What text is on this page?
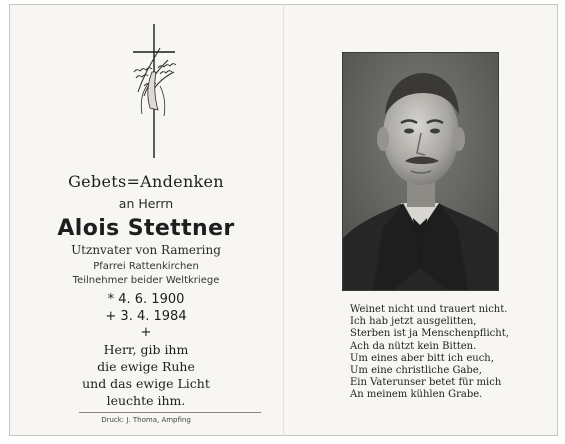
Gebets=Andenken
an Herrn
Alois Stettner
Utznvater von Ramering
Pfarrei Rattenkirchen
Teilnehmer beider Weltkriege
* 4. 6. 1900
+ 3. 4. 1984
+
Herr, gib ihm
die ewige Ruhe
und das ewige Licht
leuchte ihm.
Druck: J. Thoma, Ampfing
Weinet nicht und trauert nicht.
Ich hab jetzt ausgelitten,
Sterben ist ja Menschenpflicht,
Ach da nützt kein Bitten.
Um eines aber bitt ich euch,
Um eine christliche Gabe,
Ein Vaterunser betet für mich
An meinem kühlen Grabe.
